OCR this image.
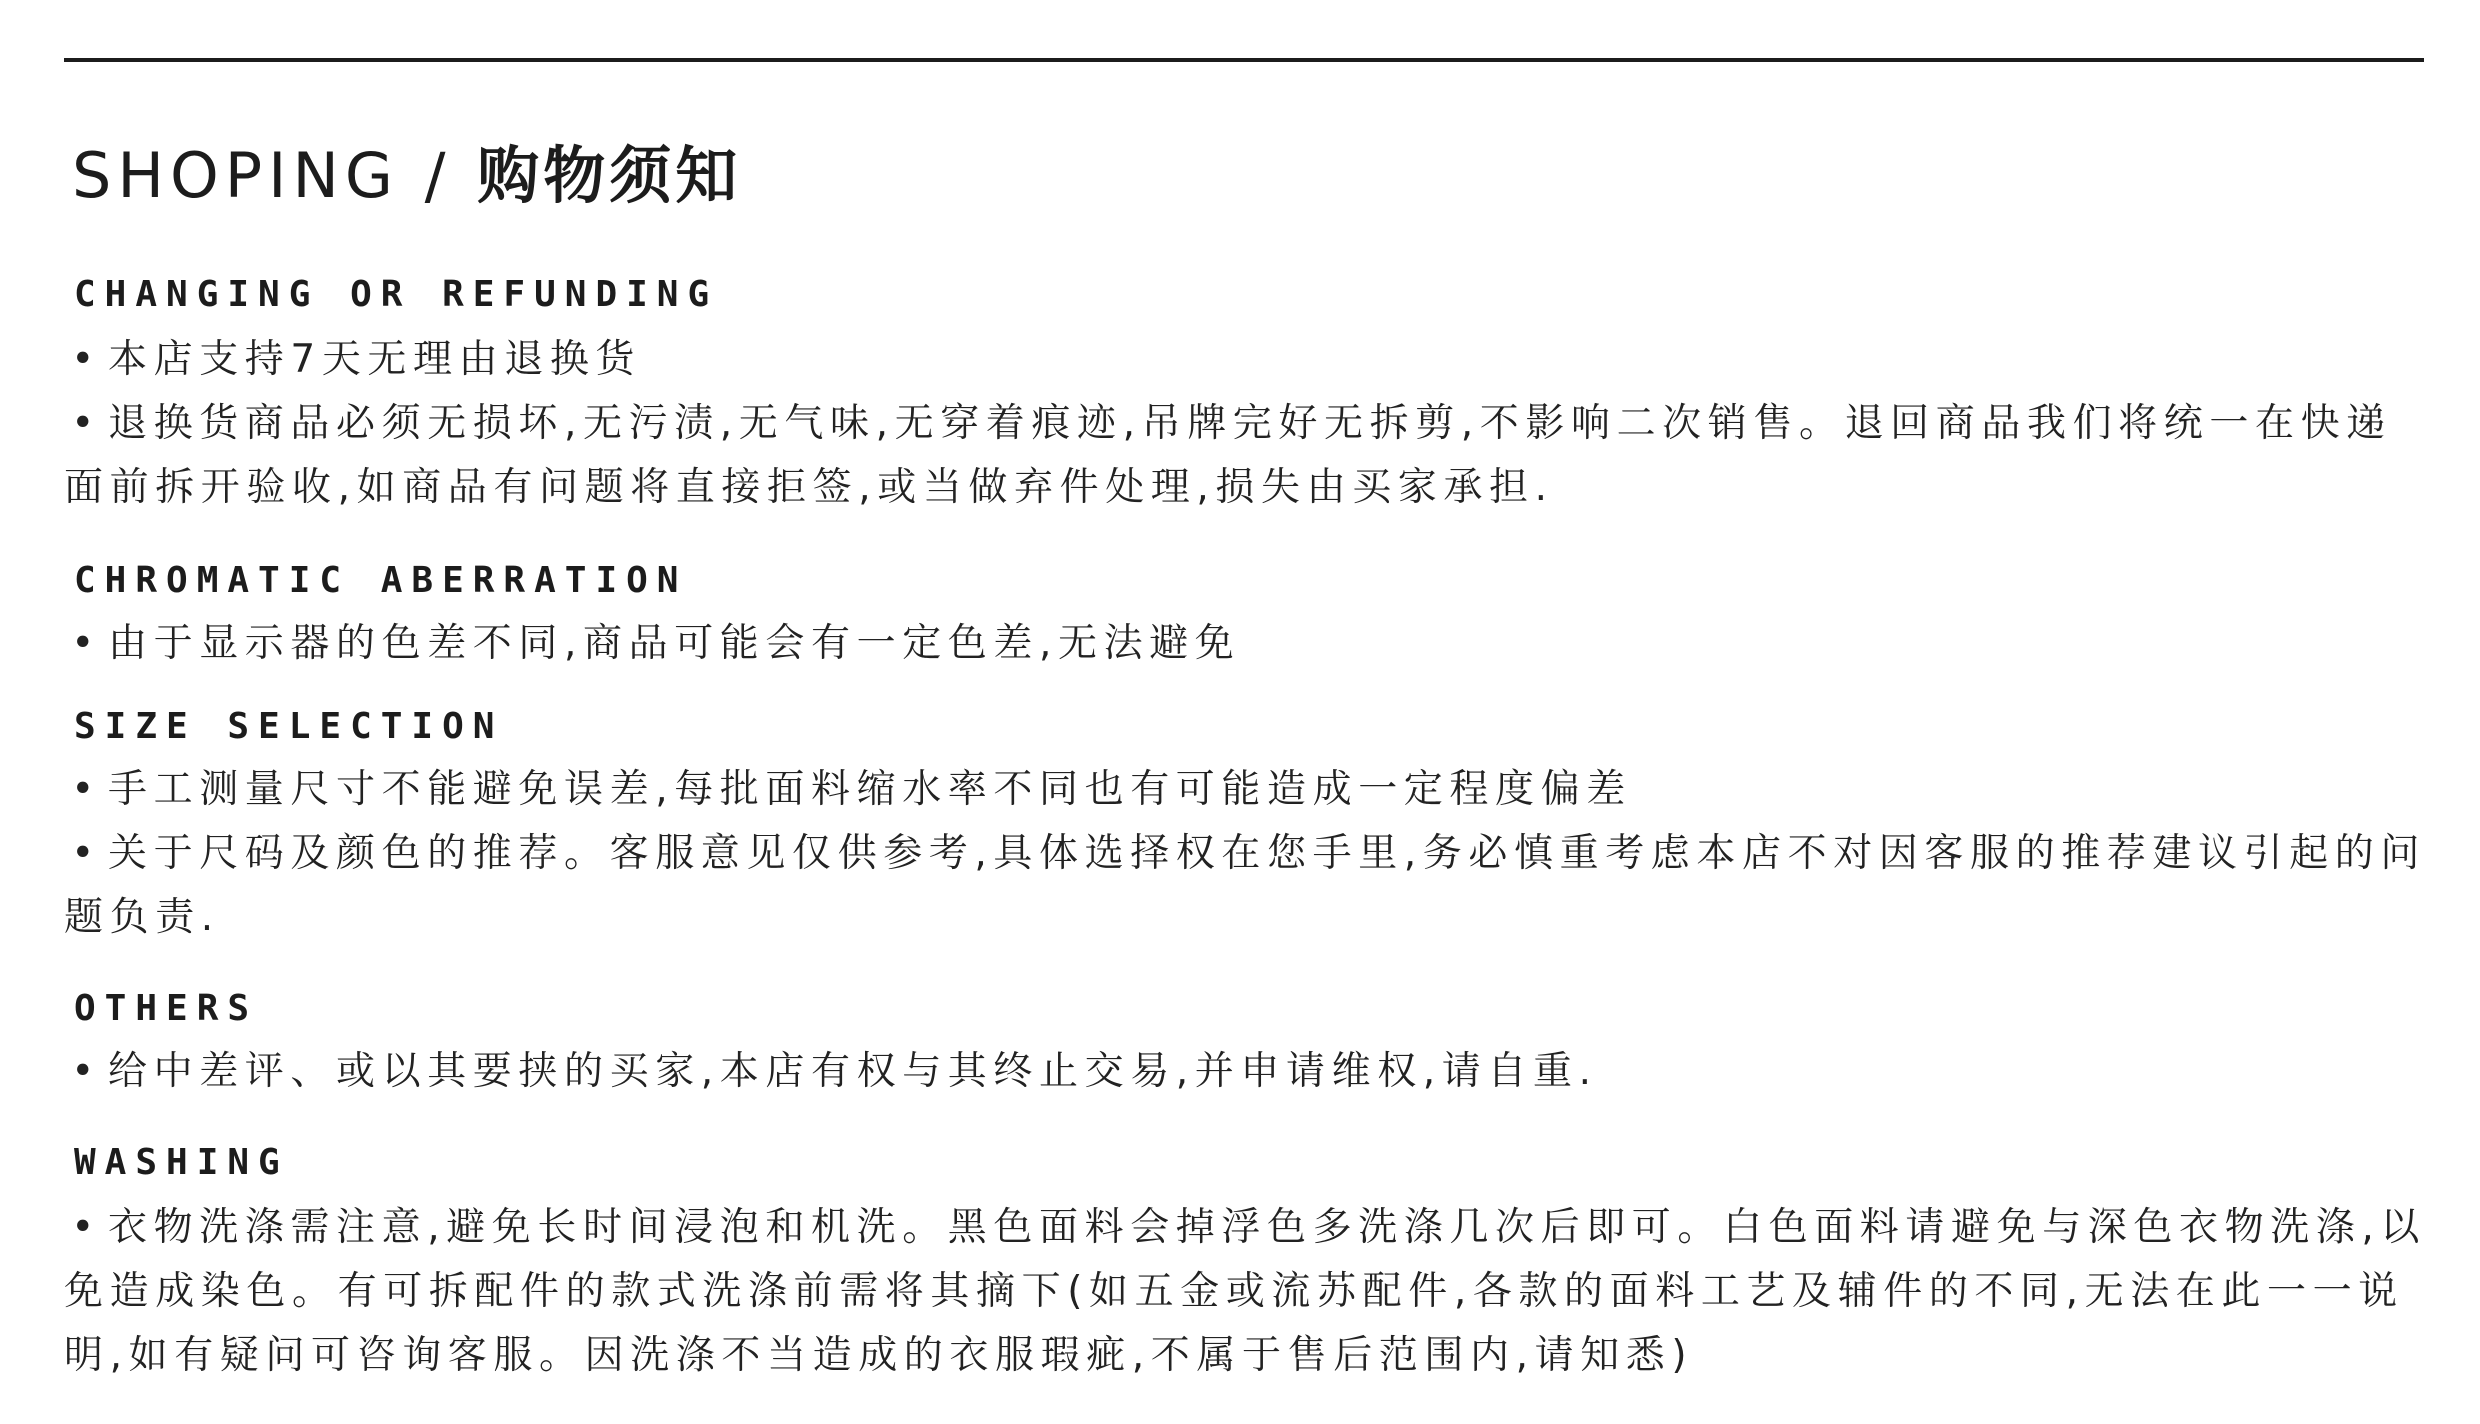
SHOPING / 购物须知
CHANGING OR REFUNDING

•本店支持7天无理由退换货

•退换货商品必须无损坏,无污渍,无气味,无穿着痕迹,吊牌完好无拆剪,不影响二次销售。退回商品我们将统一在快递面前拆开验收,如商品有问题将直接拒签,或当做弃件处理,损失由买家承担.

CHROMATIC ABERRATION

•由于显示器的色差不同,商品可能会有一定色差,无法避免

SIZE SELECTION

•手工测量尺寸不能避免误差,每批面料缩水率不同也有可能造成一定程度偏差

•关于尺码及颜色的推荐。客服意见仅供参考,具体选择权在您手里,务必慎重考虑本店不对因客服的推荐建议引起的问题负责.

OTHERS

•给中差评、或以其要挟的买家,本店有权与其终止交易,并申请维权,请自重.

WASHING

•衣物洗涤需注意,避免长时间浸泡和机洗。黑色面料会掉浮色多洗涤几次后即可。白色面料请避免与深色衣物洗涤,以免造成染色。有可拆配件的款式洗涤前需将其摘下(如五金或流苏配件,各款的面料工艺及辅件的不同,无法在此一一说明,如有疑问可咨询客服。因洗涤不当造成的衣服瑕疵,不属于售后范围内,请知悉)
